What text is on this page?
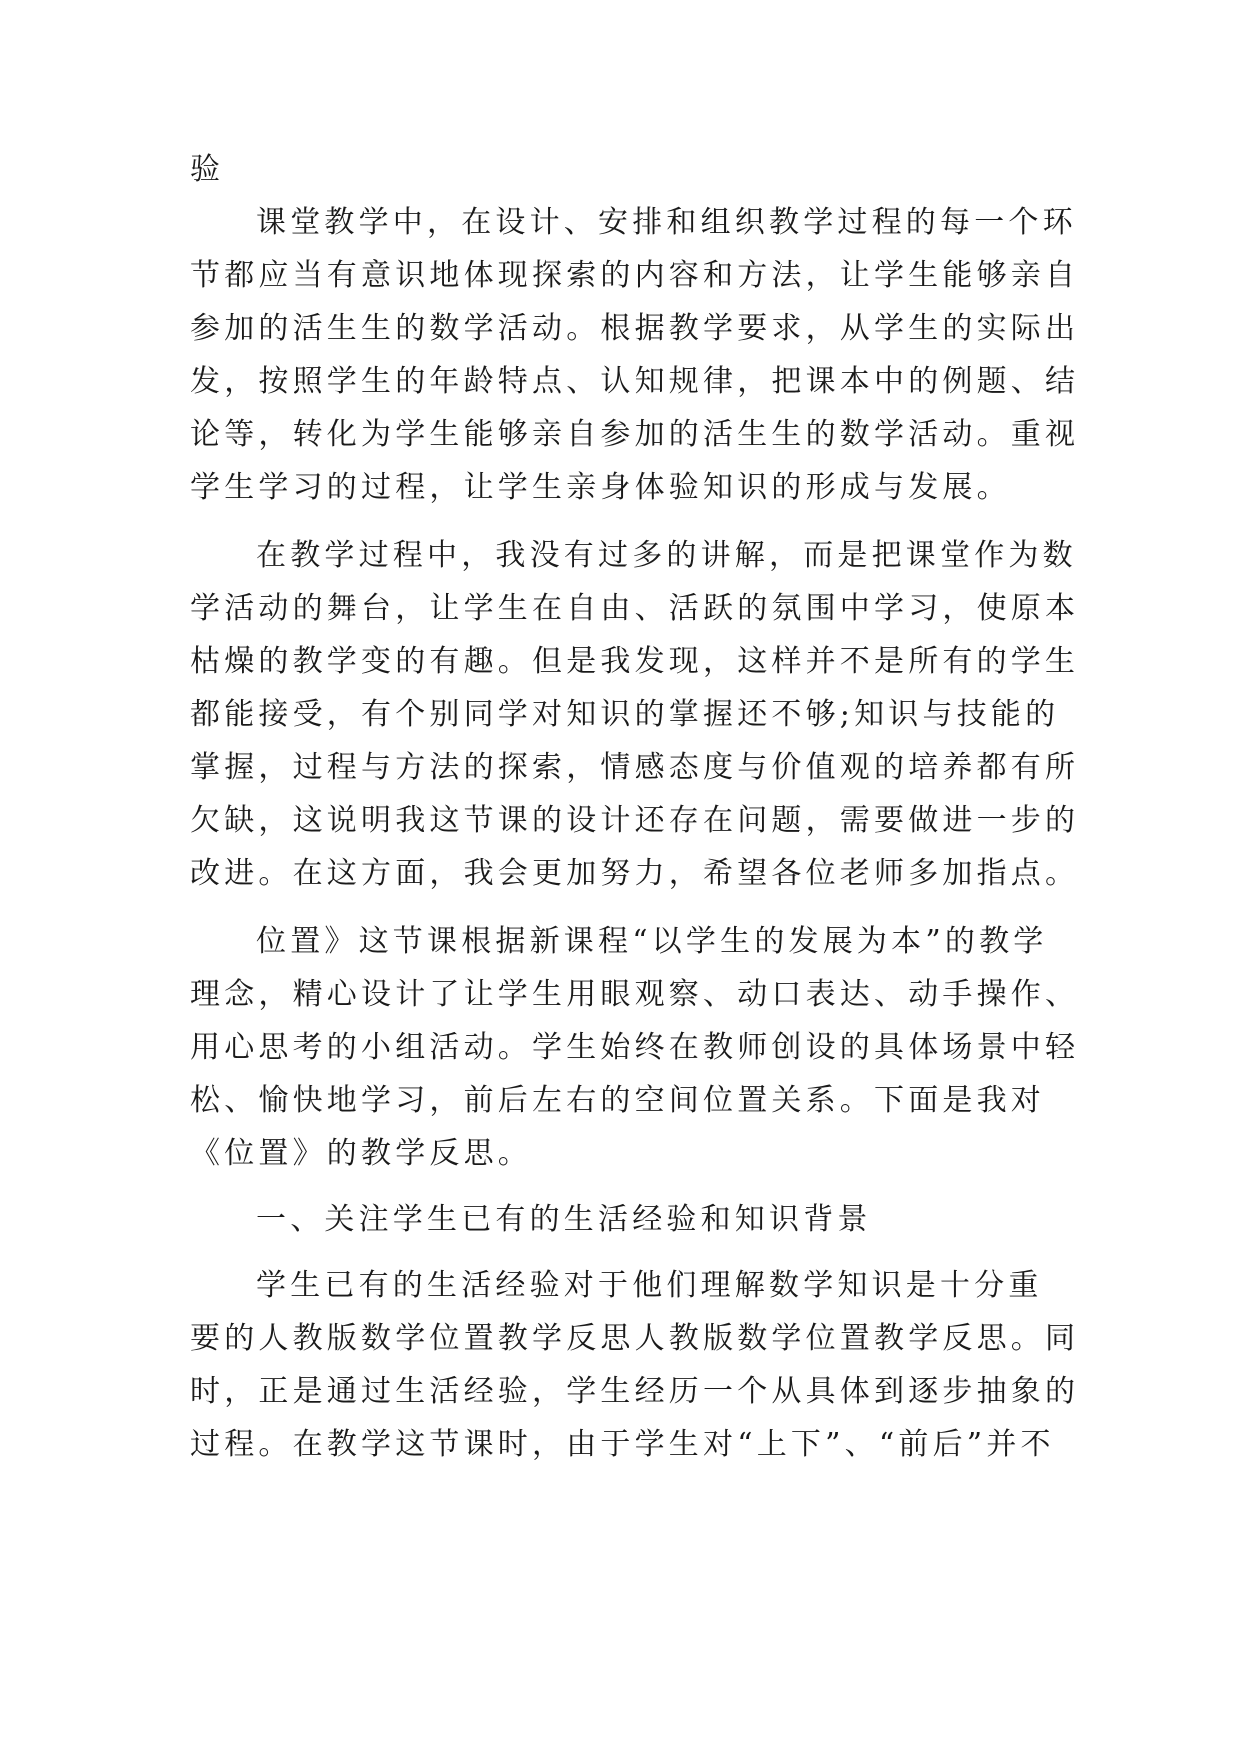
验
课堂教学中，在设计、安排和组织教学过程的每一个环
节都应当有意识地体现探索的内容和方法，让学生能够亲自
参加的活生生的数学活动。根据教学要求，从学生的实际出
发，按照学生的年龄特点、认知规律，把课本中的例题、结
论等，转化为学生能够亲自参加的活生生的数学活动。重视
学生学习的过程，让学生亲身体验知识的形成与发展。
在教学过程中，我没有过多的讲解，而是把课堂作为数
学活动的舞台，让学生在自由、活跃的氛围中学习，使原本
枯燥的教学变的有趣。但是我发现，这样并不是所有的学生
都能接受，有个别同学对知识的掌握还不够;知识与技能的
掌握，过程与方法的探索，情感态度与价值观的培养都有所
欠缺，这说明我这节课的设计还存在问题，需要做进一步的
改进。在这方面，我会更加努力，希望各位老师多加指点。
位置》这节课根据新课程“以学生的发展为本”的教学
理念，精心设计了让学生用眼观察、动口表达、动手操作、
用心思考的小组活动。学生始终在教师创设的具体场景中轻
松、愉快地学习，前后左右的空间位置关系。下面是我对
《位置》的教学反思。
一、关注学生已有的生活经验和知识背景
学生已有的生活经验对于他们理解数学知识是十分重
要的人教版数学位置教学反思人教版数学位置教学反思。同
时，正是通过生活经验，学生经历一个从具体到逐步抽象的
过程。在教学这节课时，由于学生对“上下”、“前后”并不
